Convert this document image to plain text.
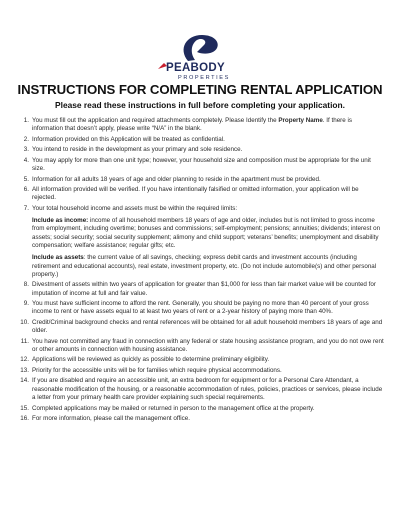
PEABODY
PROPERTIES
INSTRUCTIONS FOR COMPLETING RENTAL APPLICATION
Please read these instructions in full before completing your application.
1. You must fill out the application and required attachments completely. Please Identify the Property Name. If there is information that doesn’t apply, please write “N/A” in the blank.
2. Information provided on this Application will be treated as confidential.
3. You intend to reside in the development as your primary and sole residence.
4. You may apply for more than one unit type; however, your household size and composition must be appropriate for the unit size.
5. Information for all adults 18 years of age and older planning to reside in the apartment must be provided.
6. All information provided will be verified. If you have intentionally falsified or omitted information, your application will be rejected.
7. Your total household income and assets must be within the required limits:
Include as income: income of all household members 18 years of age and older, includes but is not limited to gross income from employment, including overtime; bonuses and commissions; self-employment; pensions; annuities; dividends; interest on assets; social security; social security supplement; alimony and child support; veterans’ benefits; unemployment and disability compensation; welfare assistance; regular gifts; etc.
Include as assets: the current value of all savings, checking; express debit cards and investment accounts (including retirement and educational accounts), real estate, investment property, etc. (Do not include automobile(s) and other personal property.)
8. Divestment of assets within two years of application for greater than $1,000 for less than fair market value will be counted for imputation of income at full and fair value.
9. You must have sufficient income to afford the rent. Generally, you should be paying no more than 40 percent of your gross income to rent or have assets equal to at least two years of rent or a 2-year history of paying more than 40%.
10. Credit/Criminal background checks and rental references will be obtained for all adult household members 18 years of age and older.
11. You have not committed any fraud in connection with any federal or state housing assistance program, and you do not owe rent or other amounts in connection with housing assistance.
12. Applications will be reviewed as quickly as possible to determine preliminary eligibility.
13. Priority for the accessible units will be for families which require physical accommodations.
14. If you are disabled and require an accessible unit, an extra bedroom for equipment or for a Personal Care Attendant, a reasonable modification of the housing, or a reasonable accommodation of rules, policies, practices or services, please include a letter from your primary health care provider explaining such special requirements.
15. Completed applications may be mailed or returned in person to the management office at the property.
16. For more information, please call the management office.
